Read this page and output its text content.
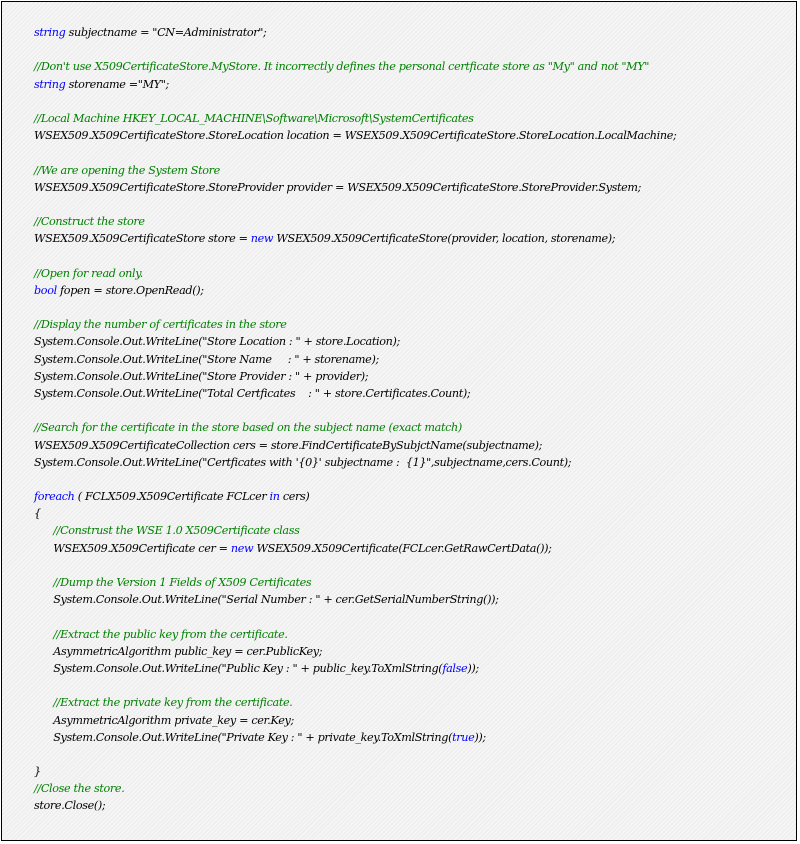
string subjectname = "CN=Administrator";
//Don't use X509CertificateStore.MyStore. It incorrectly defines the personal certficate store as "My" and not "MY"
string storename ="MY";
//Local Machine HKEY_LOCAL_MACHINE\Software\Microsoft\SystemCertificates
WSEX509.X509CertificateStore.StoreLocation location = WSEX509.X509CertificateStore.StoreLocation.LocalMachine;
//We are opening the System Store
WSEX509.X509CertificateStore.StoreProvider provider = WSEX509.X509CertificateStore.StoreProvider.System;
//Construct the store
WSEX509.X509CertificateStore store = new WSEX509.X509CertificateStore(provider, location, storename);
//Open for read only.
bool fopen = store.OpenRead();
//Display the number of certificates in the store
System.Console.Out.WriteLine("Store Location : " + store.Location);
System.Console.Out.WriteLine("Store Name     : " + storename);
System.Console.Out.WriteLine("Store Provider : " + provider);
System.Console.Out.WriteLine("Total Certficates    : " + store.Certificates.Count);
//Search for the certificate in the store based on the subject name (exact match)
WSEX509.X509CertificateCollection cers = store.FindCertificateBySubjctName(subjectname);
System.Console.Out.WriteLine("Certficates with '{0}' subjectname :  {1}",subjectname,cers.Count);
foreach ( FCLX509.X509Certificate FCLcer in cers)
{
//Construst the WSE 1.0 X509Certificate class
WSEX509.X509Certificate cer = new WSEX509.X509Certificate(FCLcer.GetRawCertData());
//Dump the Version 1 Fields of X509 Certificates
System.Console.Out.WriteLine("Serial Number : " + cer.GetSerialNumberString());
//Extract the public key from the certificate.
AsymmetricAlgorithm public_key = cer.PublicKey;
System.Console.Out.WriteLine("Public Key : " + public_key.ToXmlString(false));
//Extract the private key from the certificate.
AsymmetricAlgorithm private_key = cer.Key;
System.Console.Out.WriteLine("Private Key : " + private_key.ToXmlString(true));
}
//Close the store.
store.Close();
